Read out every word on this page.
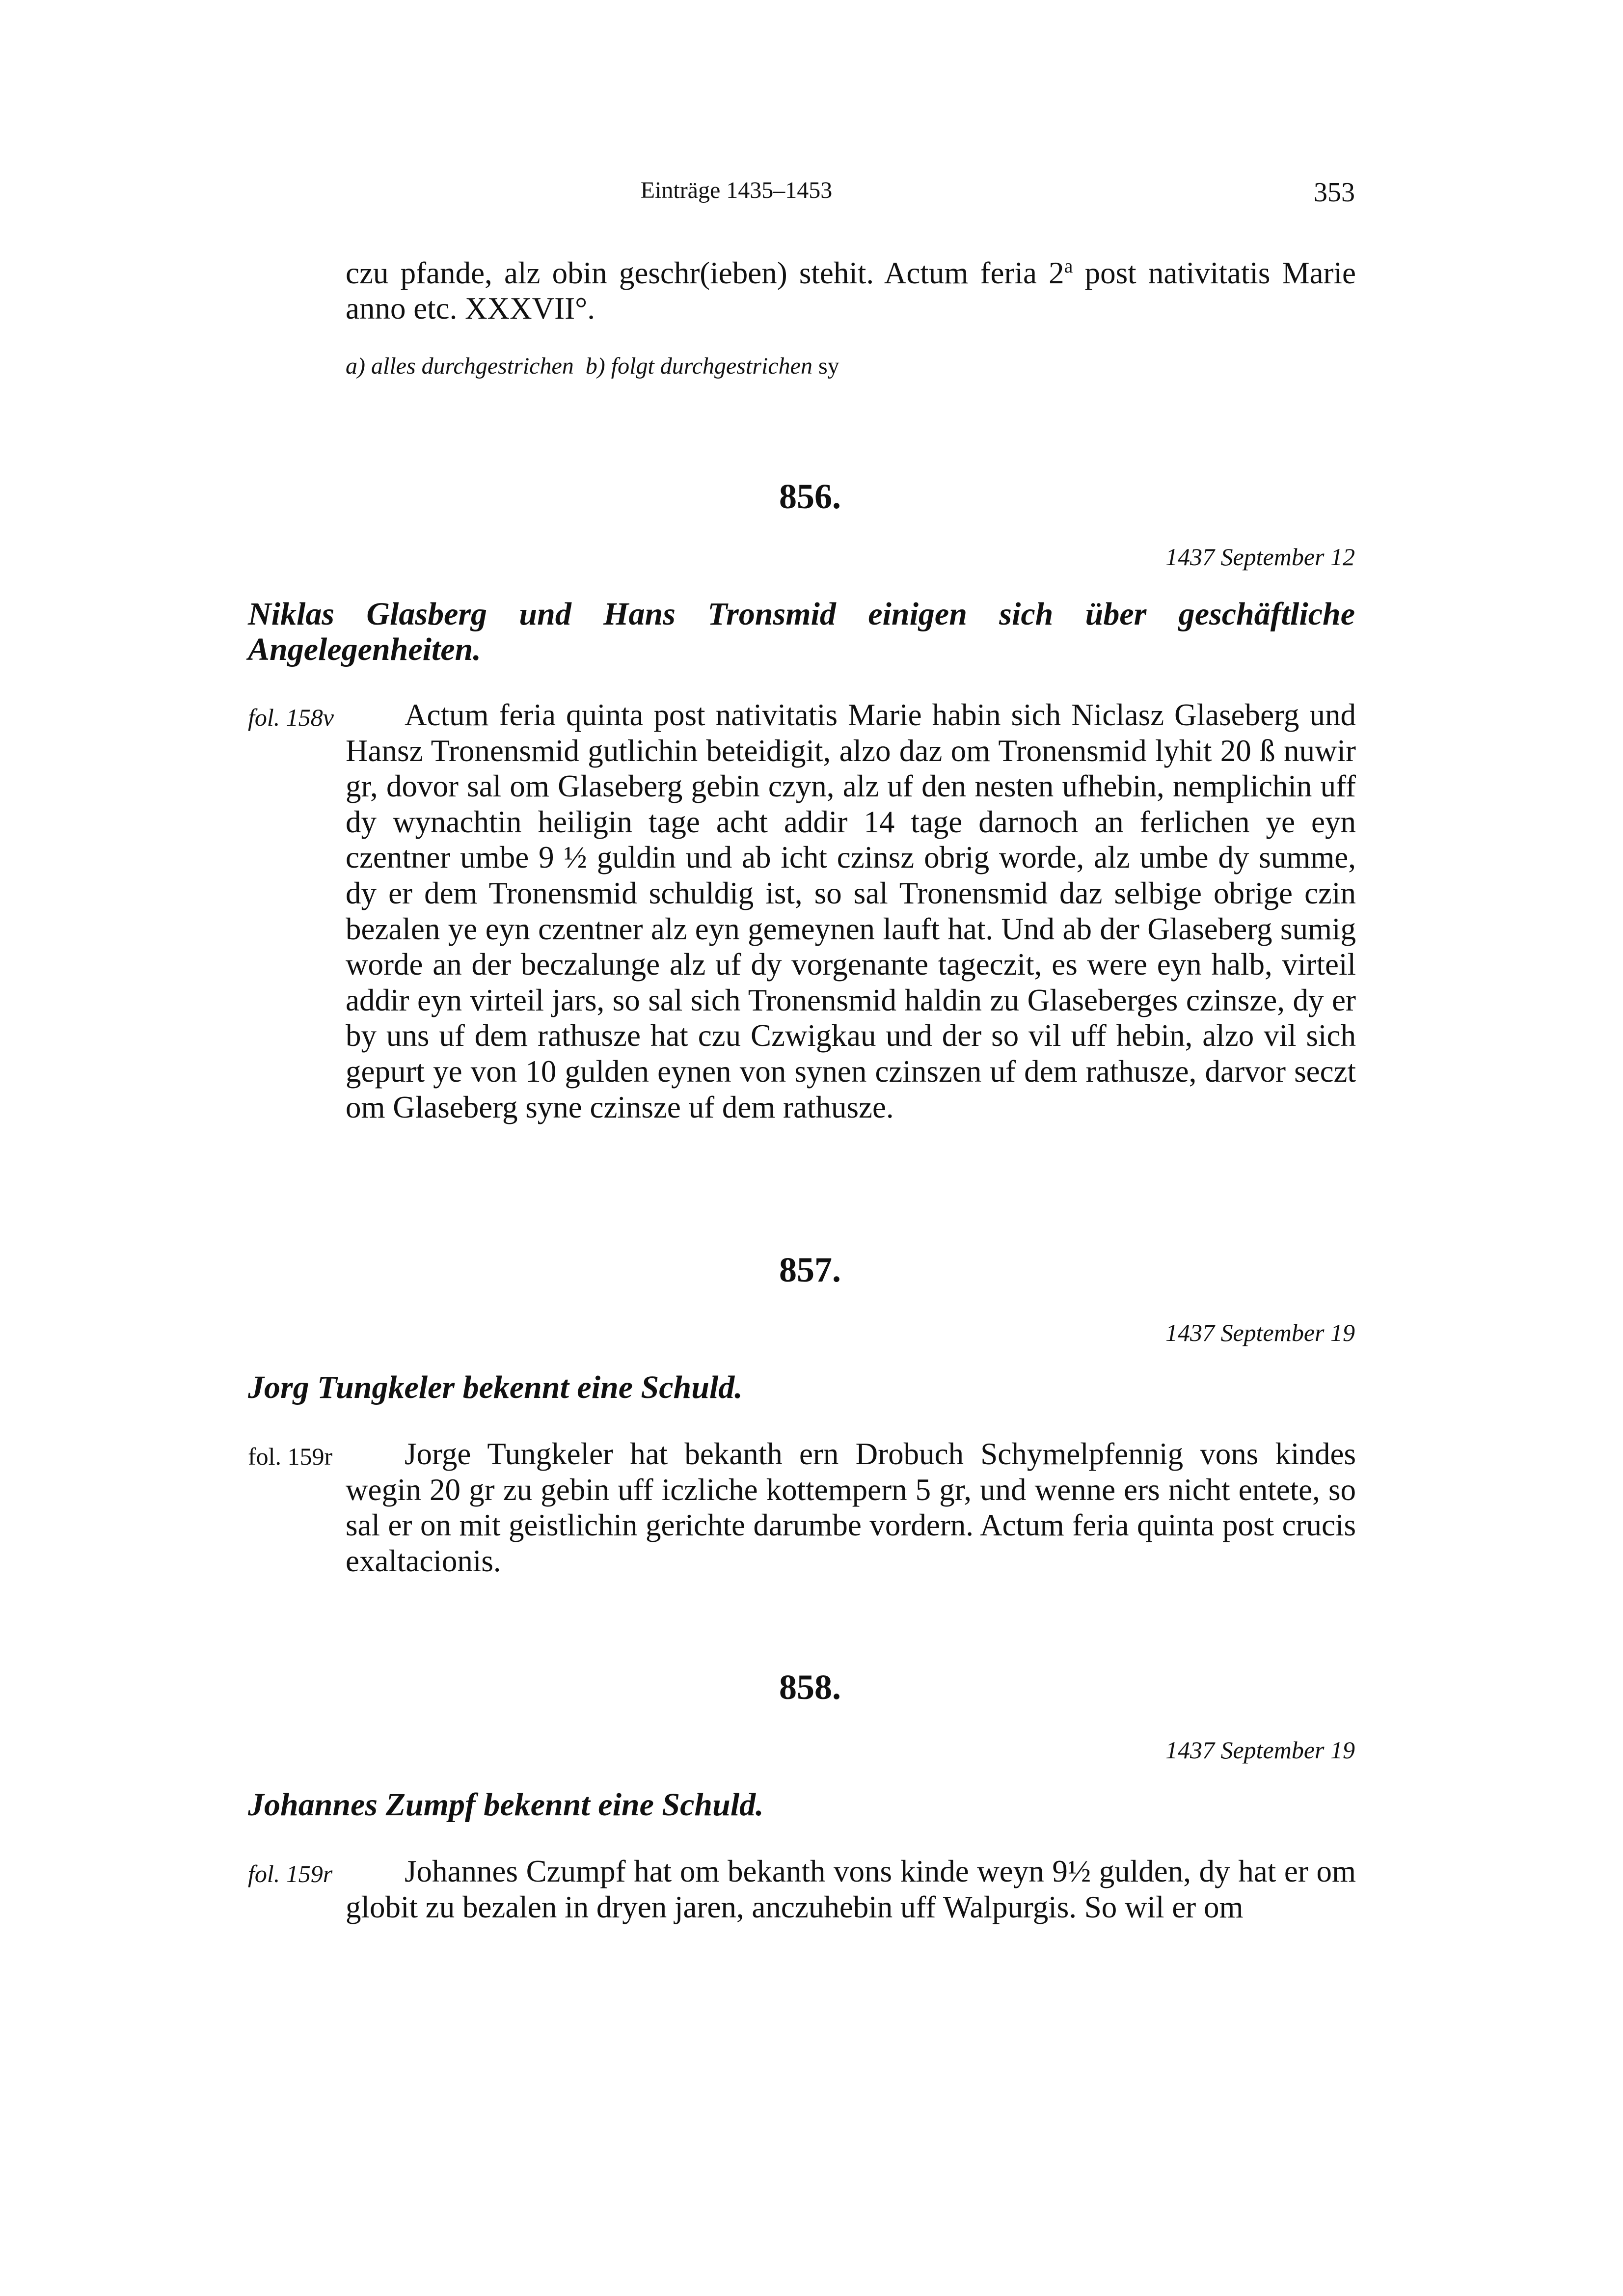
Einträge 1435–1453	353
czu pfande, alz obin geschr(ieben) stehit. Actum feria 2$^a$ post nativitatis Marie anno etc. XXXVII°.
a) alles durchgestrichen b) folgt durchgestrichen sy
856.
1437 September 12
Niklas Glasberg und Hans Tronsmid einigen sich über geschäftliche Angelegenheiten.
fol. 158v	Actum feria quinta post nativitatis Marie habin sich Niclasz Glaseberg und Hansz Tronensmid gutlichin beteidigit, alzo daz om Tronensmid lyhit 20 ß nuwir gr, dovor sal om Glaseberg gebin czyn, alz uf den nesten ufhebin, nemplichin uff dy wynachtin heiligin tage acht addir 14 tage darnoch an ferlichen ye eyn czentner umbe 9 ½ guldin und ab icht czinsz obrig worde, alz umbe dy summe, dy er dem Tronensmid schuldig ist, so sal Tronensmid daz selbige obrige czin bezalen ye eyn czentner alz eyn gemeynen lauft hat. Und ab der Glaseberg sumig worde an der beczalunge alz uf dy vorgenante tageczit, es were eyn halb, virteil addir eyn virteil jars, so sal sich Tronensmid haldin zu Glaseberges czinsze, dy er by uns uf dem rathusze hat czu Czwigkau und der so vil uff hebin, alzo vil sich gepurt ye von 10 gulden eynen von synen czinszen uf dem rathusze, darvor seczt om Glaseberg syne czinsze uf dem rathusze.

857.
1437 September 19
Jorg Tungkeler bekennt eine Schuld.
fol. 159r	Jorge Tungkeler hat bekanth ern Drobuch Schymelpfennig vons kindes wegin 20 gr zu gebin uff iczliche kottempern 5 gr, und wenne ers nicht entete, so sal er on mit geistlichin gerichte darumbe vordern. Actum feria quinta post crucis exaltacionis.

858.
1437 September 19
Johannes Zumpf bekennt eine Schuld.
fol. 159r	Johannes Czumpf hat om bekanth vons kinde weyn 9½ gulden, dy hat er om globit zu bezalen in dryen jaren, anczuhebin uff Walpurgis. So wil er om
